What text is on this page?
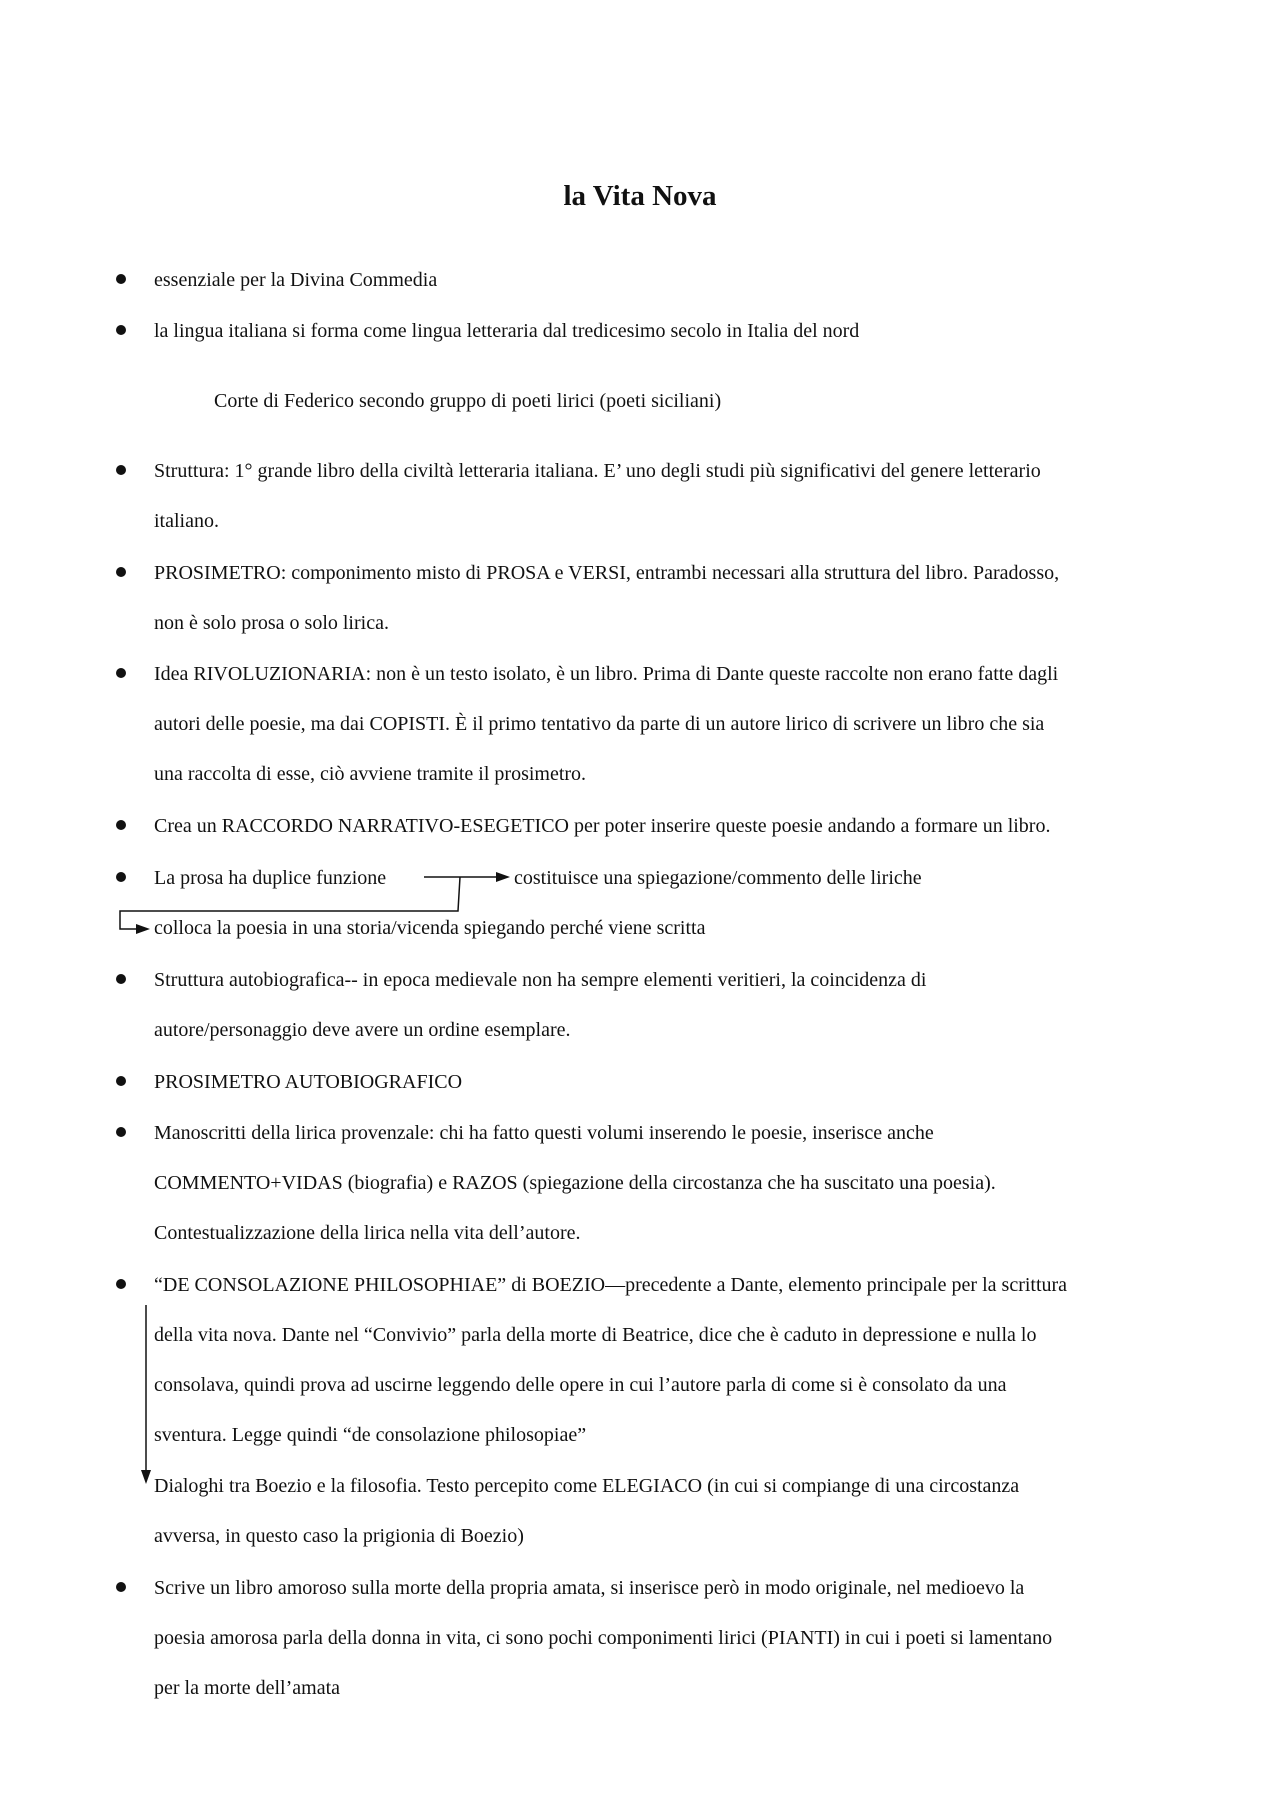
la Vita Nova
essenziale per la Divina Commedia
la lingua italiana si forma come lingua letteraria dal tredicesimo secolo in Italia del nord
Corte di Federico secondo gruppo di poeti lirici (poeti siciliani)
Struttura: 1° grande libro della civiltà letteraria italiana. E’ uno degli studi più significativi del genere letterario
italiano.
PROSIMETRO: componimento misto di PROSA e VERSI, entrambi necessari alla struttura del libro. Paradosso,
non è solo prosa o solo lirica.
Idea RIVOLUZIONARIA: non è un testo isolato, è un libro. Prima di Dante queste raccolte non erano fatte dagli
autori delle poesie, ma dai COPISTI. È il primo tentativo da parte di un autore lirico di scrivere un libro che sia
una raccolta di esse, ciò avviene tramite il prosimetro.
Crea un RACCORDO NARRATIVO-ESEGETICO per poter inserire queste poesie andando a formare un libro.
La prosa ha duplice funzione	costituisce una spiegazione/commento delle liriche
colloca la poesia in una storia/vicenda spiegando perché viene scritta
Struttura autobiografica-- in epoca medievale non ha sempre elementi veritieri, la coincidenza di
autore/personaggio deve avere un ordine esemplare.
PROSIMETRO AUTOBIOGRAFICO
Manoscritti della lirica provenzale: chi ha fatto questi volumi inserendo le poesie, inserisce anche
COMMENTO+VIDAS (biografia) e RAZOS (spiegazione della circostanza che ha suscitato una poesia).
Contestualizzazione della lirica nella vita dell’autore.
“DE CONSOLAZIONE PHILOSOPHIAE” di BOEZIO—precedente a Dante, elemento principale per la scrittura
della vita nova. Dante nel “Convivio” parla della morte di Beatrice, dice che è caduto in depressione e nulla lo
consolava, quindi prova ad uscirne leggendo delle opere in cui l’autore parla di come si è consolato da una
sventura. Legge quindi “de consolazione philosopiae”
Dialoghi tra Boezio e la filosofia. Testo percepito come ELEGIACO (in cui si compiange di una circostanza
avversa, in questo caso la prigionia di Boezio)
Scrive un libro amoroso sulla morte della propria amata, si inserisce però in modo originale, nel medioevo la
poesia amorosa parla della donna in vita, ci sono pochi componimenti lirici (PIANTI) in cui i poeti si lamentano
per la morte dell’amata
